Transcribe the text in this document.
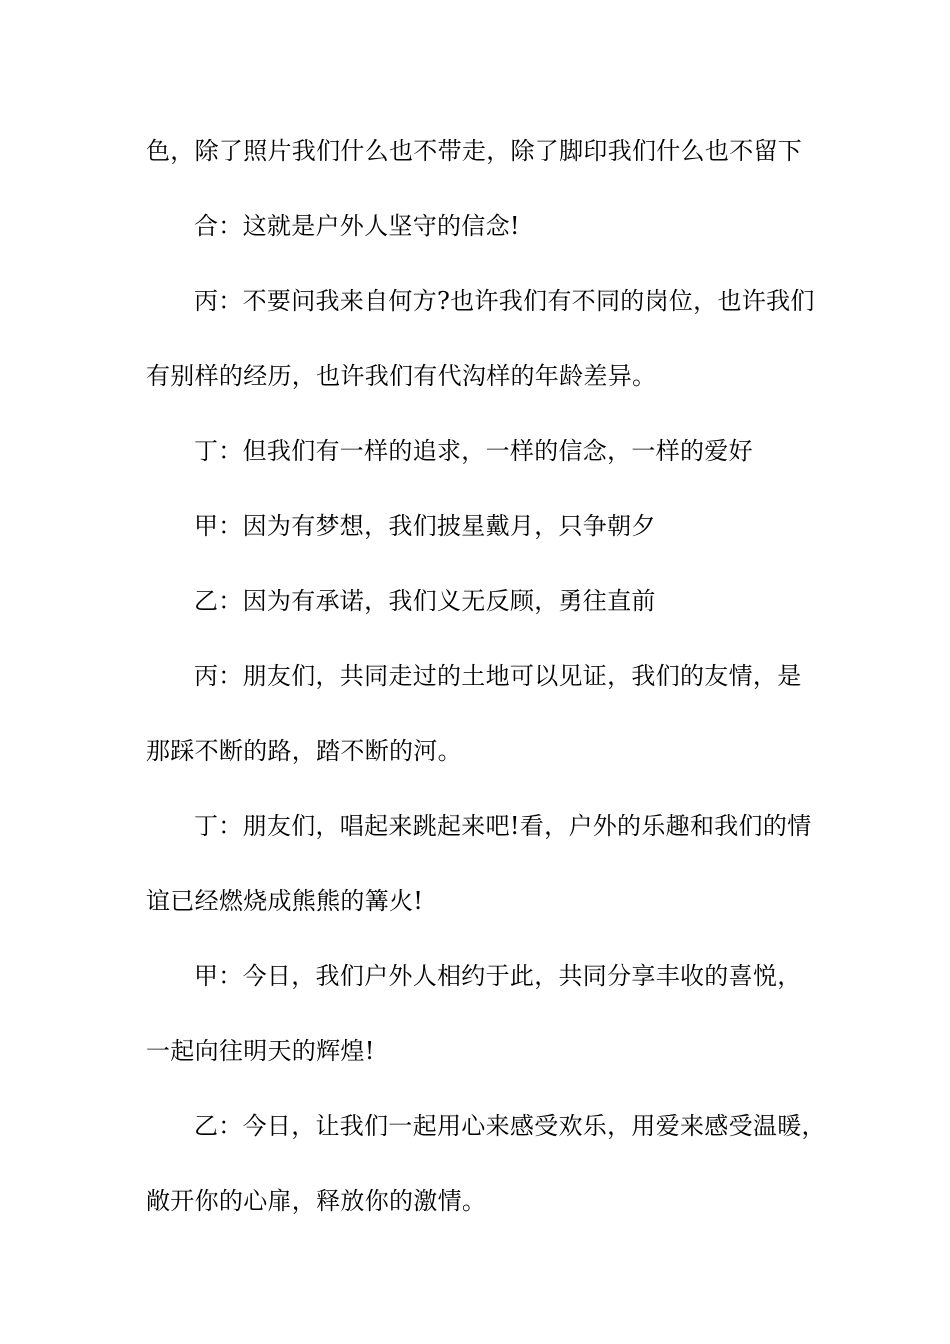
色，除了照片我们什么也不带走，除了脚印我们什么也不留下
合：这就是户外人坚守的信念!
丙：不要问我来自何方?也许我们有不同的岗位，也许我们
有别样的经历，也许我们有代沟样的年龄差异。
丁：但我们有一样的追求，一样的信念，一样的爱好
甲：因为有梦想，我们披星戴月，只争朝夕
乙：因为有承诺，我们义无反顾，勇往直前
丙：朋友们，共同走过的土地可以见证，我们的友情，是
那踩不断的路，踏不断的河。
丁：朋友们，唱起来跳起来吧!看，户外的乐趣和我们的情
谊已经燃烧成熊熊的篝火!
甲：今日，我们户外人相约于此，共同分享丰收的喜悦，
一起向往明天的辉煌!
乙：今日，让我们一起用心来感受欢乐，用爱来感受温暖，
敞开你的心扉，释放你的激情。
